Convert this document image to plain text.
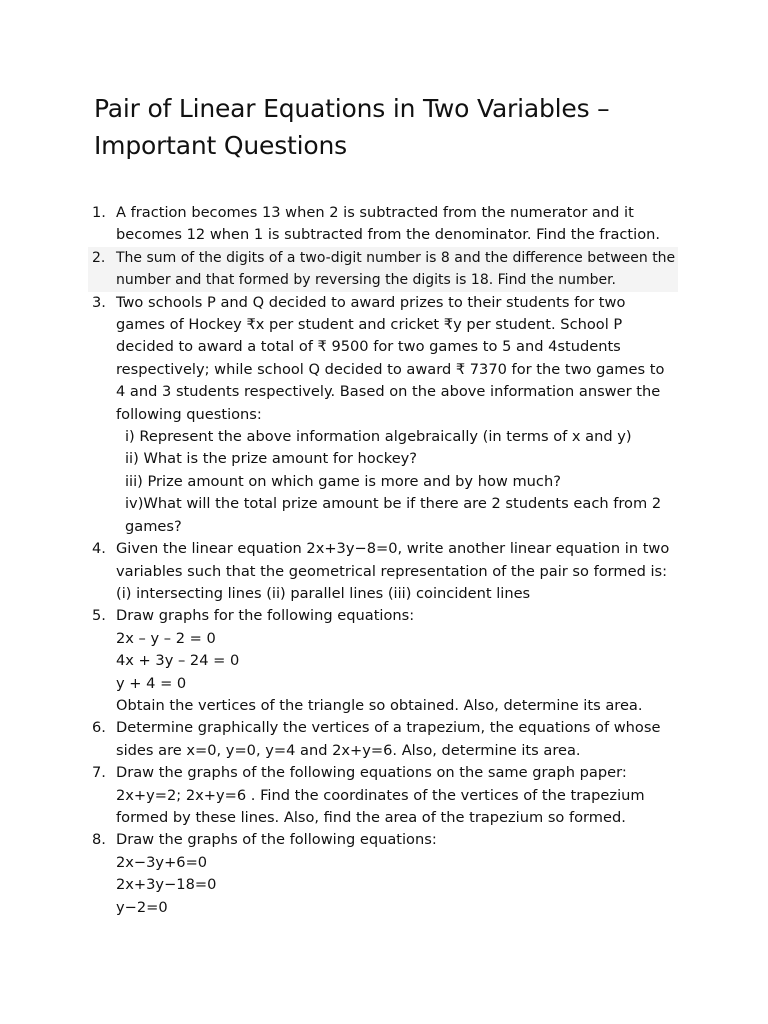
Pair of Linear Equations in Two Variables –
Important Questions
1. A fraction becomes 13 when 2 is subtracted from the numerator and it
becomes 12 when 1 is subtracted from the denominator. Find the fraction.
2. The sum of the digits of a two-digit number is 8 and the difference between the
number and that formed by reversing the digits is 18. Find the number.
3. Two schools P and Q decided to award prizes to their students for two
games of Hockey ₹x per student and cricket ₹y per student. School P
decided to award a total of ₹ 9500 for two games to 5 and 4students
respectively; while school Q decided to award ₹ 7370 for the two games to
4 and 3 students respectively. Based on the above information answer the
following questions:
i) Represent the above information algebraically (in terms of x and y)
ii) What is the prize amount for hockey?
iii) Prize amount on which game is more and by how much?
iv)What will the total prize amount be if there are 2 students each from 2
games?
4. Given the linear equation 2x+3y−8=0, write another linear equation in two
variables such that the geometrical representation of the pair so formed is:
(i) intersecting lines (ii) parallel lines (iii) coincident lines
5. Draw graphs for the following equations:
2x – y – 2 = 0
4x + 3y – 24 = 0
y + 4 = 0
Obtain the vertices of the triangle so obtained. Also, determine its area.
6. Determine graphically the vertices of a trapezium, the equations of whose
sides are x=0, y=0, y=4 and 2x+y=6. Also, determine its area.
7. Draw the graphs of the following equations on the same graph paper:
2x+y=2; 2x+y=6 . Find the coordinates of the vertices of the trapezium
formed by these lines. Also, find the area of the trapezium so formed.
8. Draw the graphs of the following equations:
2x−3y+6=0
2x+3y−18=0
y−2=0
